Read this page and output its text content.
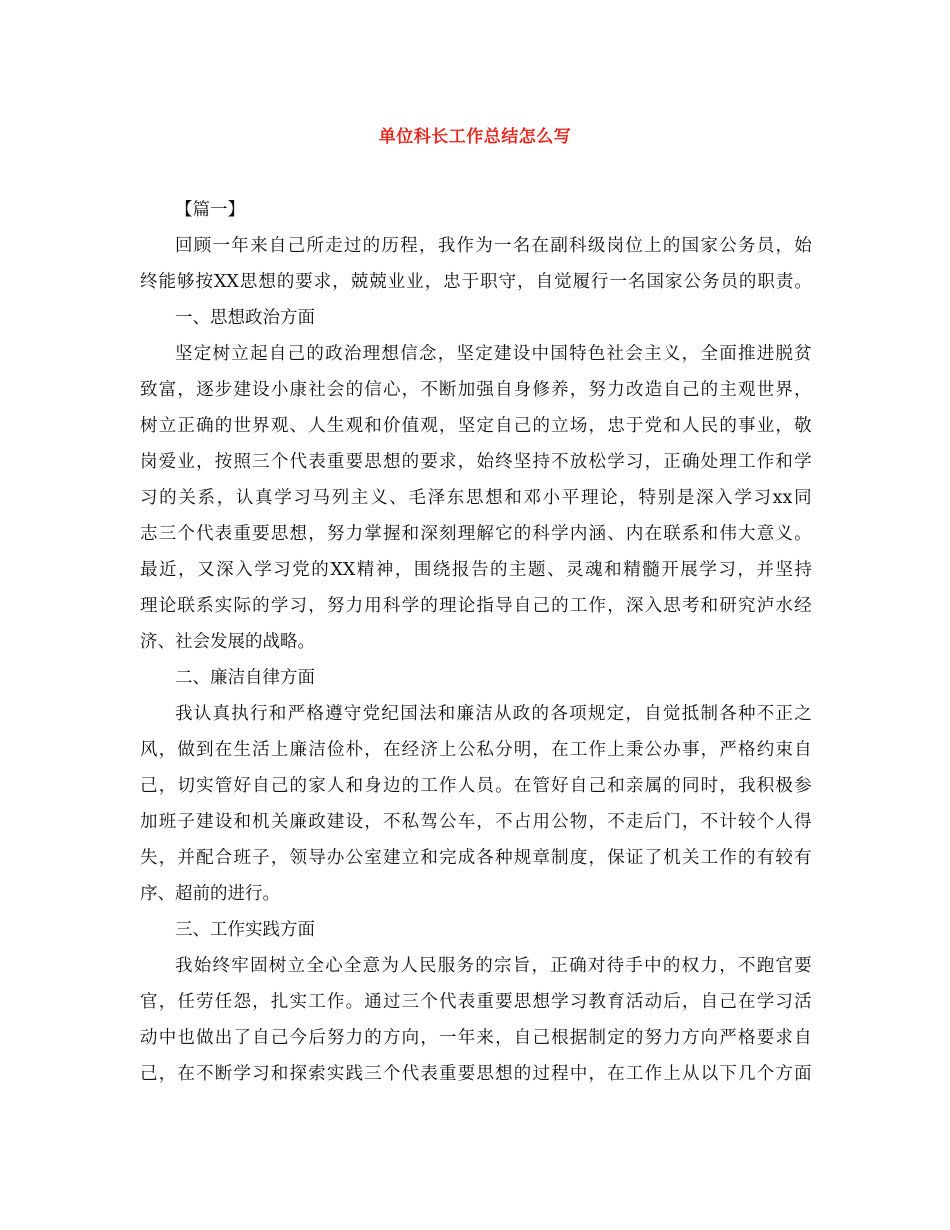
单位科长工作总结怎么写
【篇一】
回 顾 一 年 来 自 己 所 走 过 的 历 程 ， 我 作 为 一 名 在 副 科 级 岗 位 上 的 国 家 公 务 员 ， 始
终 能 够 按 XX 思 想 的 要 求 ， 兢 兢 业 业 ， 忠 于 职 守 ， 自 觉 履 行 一 名 国 家 公 务 员 的 职 责 。
一、思想政治方面
坚 定 树 立 起 自 己 的 政 治 理 想 信 念 ， 坚 定 建 设 中 国 特 色 社 会 主 义 ， 全 面 推 进 脱 贫
致 富 ， 逐 步 建 设 小 康 社 会 的 信 心 ， 不 断 加 强 自 身 修 养 ， 努 力 改 造 自 己 的 主 观 世 界 ，
树 立 正 确 的 世 界 观 、 人 生 观 和 价 值 观 ， 坚 定 自 己 的 立 场 ， 忠 于 党 和 人 民 的 事 业 ， 敬
岗 爱 业 ， 按 照 三 个 代 表 重 要 思 想 的 要 求 ， 始 终 坚 持 不 放 松 学 习 ， 正 确 处 理 工 作 和 学
习 的 关 系 ， 认 真 学 习 马 列 主 义 、 毛 泽 东 思 想 和 邓 小 平 理 论 ， 特 别 是 深 入 学 习 xx 同
志 三 个 代 表 重 要 思 想 ， 努 力 掌 握 和 深 刻 理 解 它 的 科 学 内 涵 、 内 在 联 系 和 伟 大 意 义 。
最 近 ， 又 深 入 学 习 党 的 XX 精 神 ， 围 绕 报 告 的 主 题 、 灵 魂 和 精 髓 开 展 学 习 ， 并 坚 持
理 论 联 系 实 际 的 学 习 ， 努 力 用 科 学 的 理 论 指 导 自 己 的 工 作 ， 深 入 思 考 和 研 究 泸 水 经
济、社会发展的战略。
二、廉洁自律方面
我 认 真 执 行 和 严 格 遵 守 党 纪 国 法 和 廉 洁 从 政 的 各 项 规 定 ， 自 觉 抵 制 各 种 不 正 之
风 ， 做 到 在 生 活 上 廉 洁 俭 朴 ， 在 经 济 上 公 私 分 明 ， 在 工 作 上 秉 公 办 事 ， 严 格 约 束 自
己 ， 切 实 管 好 自 己 的 家 人 和 身 边 的 工 作 人 员 。 在 管 好 自 己 和 亲 属 的 同 时 ， 我 积 极 参
加 班 子 建 设 和 机 关 廉 政 建 设 ， 不 私 驾 公 车 ， 不 占 用 公 物 ， 不 走 后 门 ， 不 计 较 个 人 得
失 ， 并 配 合 班 子 ， 领 导 办 公 室 建 立 和 完 成 各 种 规 章 制 度 ， 保 证 了 机 关 工 作 的 有 较 有
序、超前的进行。
三、工作实践方面
我 始 终 牢 固 树 立 全 心 全 意 为 人 民 服 务 的 宗 旨 ， 正 确 对 待 手 中 的 权 力 ， 不 跑 官 要
官 ， 任 劳 任 怨 ， 扎 实 工 作 。 通 过 三 个 代 表 重 要 思 想 学 习 教 育 活 动 后 ， 自 己 在 学 习 活
动 中 也 做 出 了 自 己 今 后 努 力 的 方 向 ， 一 年 来 ， 自 己 根 据 制 定 的 努 力 方 向 严 格 要 求 自
己 ， 在 不 断 学 习 和 探 索 实 践 三 个 代 表 重 要 思 想 的 过 程 中 ， 在 工 作 上 从 以 下 几 个 方 面
